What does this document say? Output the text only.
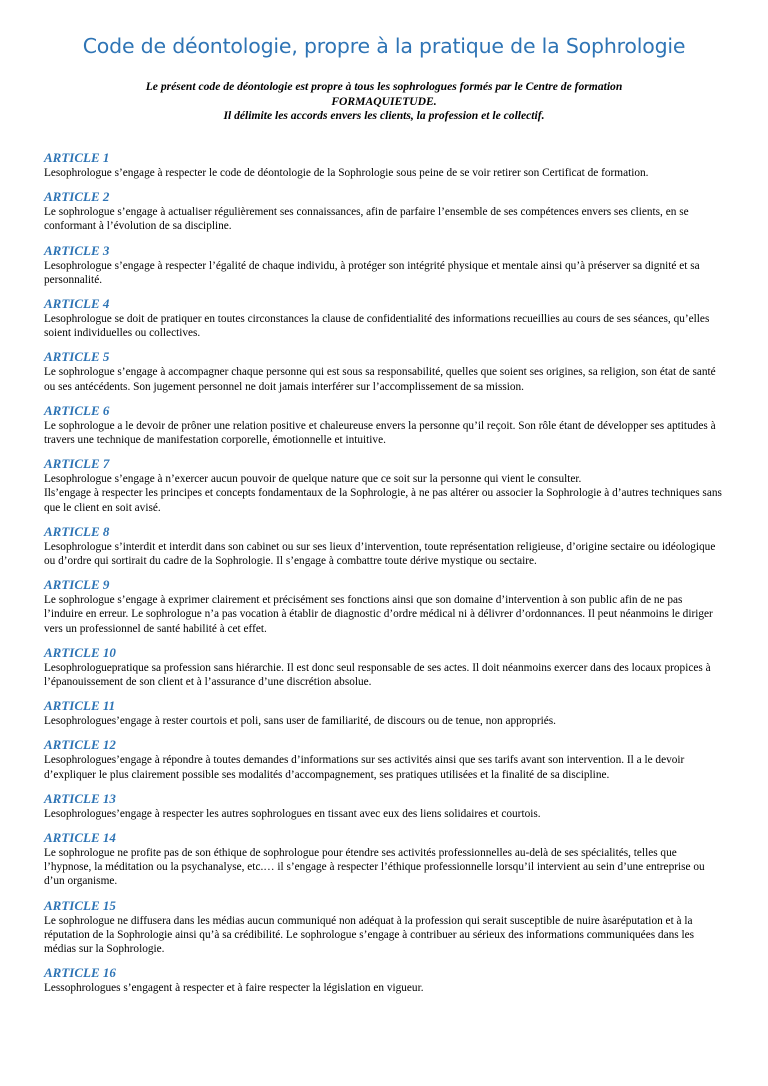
Code de déontologie, propre à la pratique de la Sophrologie
Le présent code de déontologie est propre à tous les sophrologues formés par le Centre de formation
FORMAQUIETUDE.
Il délimite les accords envers les clients, la profession et le collectif.
ARTICLE 1

Lesophrologue s’engage à respecter le code de déontologie de la Sophrologie sous peine de se voir retirer son Certificat de formation.

ARTICLE 2

Le sophrologue s’engage à actualiser régulièrement ses connaissances, afin de parfaire l’ensemble de ses compétences envers ses clients, en se conformant à l’évolution de sa discipline.

ARTICLE 3

Lesophrologue s’engage à respecter l’égalité de chaque individu, à protéger son intégrité physique et mentale ainsi qu’à préserver sa dignité et sa personnalité.

ARTICLE 4

Lesophrologue se doit de pratiquer en toutes circonstances la clause de confidentialité des informations recueillies au cours de ses séances, qu’elles soient individuelles ou collectives.

ARTICLE 5

Le sophrologue s’engage à accompagner chaque personne qui est sous sa responsabilité, quelles que soient ses origines, sa religion, son état de santé ou ses antécédents. Son jugement personnel ne doit jamais interférer sur l’accomplissement de sa mission.

ARTICLE 6

Le sophrologue a le devoir de prôner une relation positive et chaleureuse envers la personne qu’il reçoit. Son rôle étant de développer ses aptitudes à travers une technique de manifestation corporelle, émotionnelle et intuitive.

ARTICLE 7

Lesophrologue s’engage à n’exercer aucun pouvoir de quelque nature que ce soit sur la personne qui vient le consulter.

Ils’engage à respecter les principes et concepts fondamentaux de la Sophrologie, à ne pas altérer ou associer la Sophrologie à d’autres techniques sans que le client en soit avisé.

ARTICLE 8

Lesophrologue s’interdit et interdit dans son cabinet ou sur ses lieux d’intervention, toute représentation religieuse, d’origine sectaire ou idéologique ou d’ordre qui sortirait du cadre de la Sophrologie. Il s’engage à combattre toute dérive mystique ou sectaire.

ARTICLE 9

Le sophrologue s’engage à exprimer clairement et précisément ses fonctions ainsi que son domaine d’intervention à son public afin de ne pas l’induire en erreur. Le sophrologue n’a pas vocation à établir de diagnostic d’ordre médical ni à délivrer d’ordonnances. Il peut néanmoins le diriger vers un professionnel de santé habilité à cet effet.

ARTICLE 10

Lesophrologuepratique sa profession sans hiérarchie. Il est donc seul responsable de ses actes. Il doit néanmoins exercer dans des locaux propices à l’épanouissement de son client et à l’assurance d’une discrétion absolue.

ARTICLE 11

Lesophrologues’engage à rester courtois et poli, sans user de familiarité, de discours ou de tenue, non appropriés.

ARTICLE 12

Lesophrologues’engage à répondre à toutes demandes d’informations sur ses activités ainsi que ses tarifs avant son intervention. Il a le devoir d’expliquer le plus clairement possible ses modalités d’accompagnement, ses pratiques utilisées et la finalité de sa discipline.

ARTICLE 13

Lesophrologues’engage à respecter les autres sophrologues en tissant avec eux des liens solidaires et courtois.

ARTICLE 14

Le sophrologue ne profite pas de son éthique de sophrologue pour étendre ses activités professionnelles au-delà de ses spécialités, telles que l’hypnose, la méditation ou la psychanalyse, etc.… il s’engage à respecter l’éthique professionnelle lorsqu’il intervient au sein d’une entreprise ou d’un organisme.

ARTICLE 15

Le sophrologue ne diffusera dans les médias aucun communiqué non adéquat à la profession qui serait susceptible de nuire àsaréputation et à la réputation de la Sophrologie ainsi qu’à sa crédibilité. Le sophrologue s’engage à contribuer au sérieux des informations communiquées dans les médias sur la Sophrologie.

ARTICLE 16

Lessophrologues s’engagent à respecter et à faire respecter la législation en vigueur.
